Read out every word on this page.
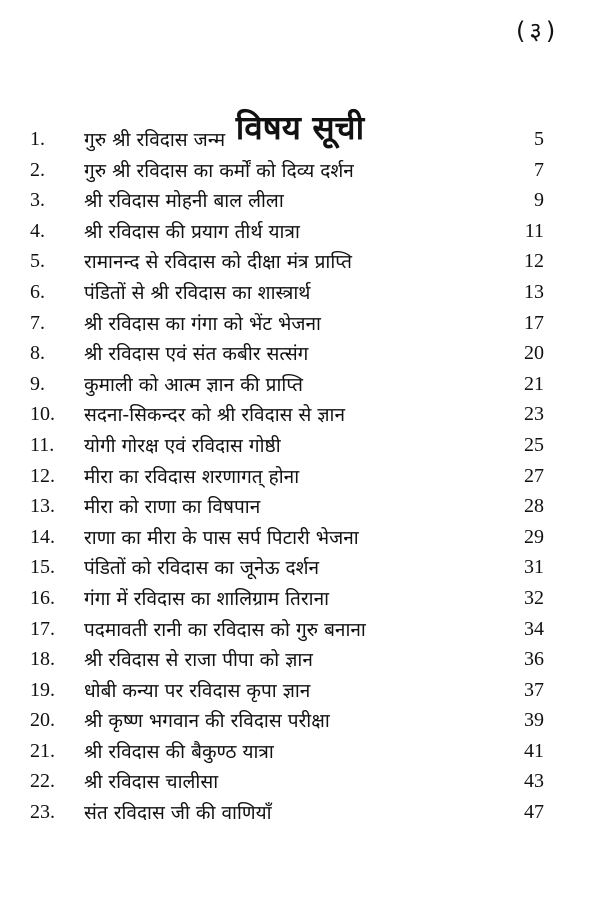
(३)
विषय सूची
1. गुरु श्री रविदास जन्म	5
2. गुरु श्री रविदास का कर्मों को दिव्य दर्शन	7
3. श्री रविदास मोहनी बाल लीला	9
4. श्री रविदास की प्रयाग तीर्थ यात्रा	11
5. रामानन्द से रविदास को दीक्षा मंत्र प्राप्ति	12
6. पंडितों से श्री रविदास का शास्त्रार्थ	13
7. श्री रविदास का गंगा को भेंट भेजना	17
8. श्री रविदास एवं संत कबीर सत्संग	20
9. कुमाली को आत्म ज्ञान की प्राप्ति	21
10. सदना-सिकन्दर को श्री रविदास से ज्ञान	23
11. योगी गोरक्ष एवं रविदास गोष्ठी	25
12. मीरा का रविदास शरणागत् होना	27
13. मीरा को राणा का विषपान	28
14. राणा का मीरा के पास सर्प पिटारी भेजना	29
15. पंडितों को रविदास का जूनेऊ दर्शन	31
16. गंगा में रविदास का शालिग्राम तिराना	32
17. पदमावती रानी का रविदास को गुरु बनाना	34
18. श्री रविदास से राजा पीपा को ज्ञान	36
19. धोबी कन्या पर रविदास कृपा ज्ञान	37
20. श्री कृष्ण भगवान की रविदास परीक्षा	39
21. श्री रविदास की बैकुण्ठ यात्रा	41
22. श्री रविदास चालीसा	43
23. संत रविदास जी की वाणियाँ	47
